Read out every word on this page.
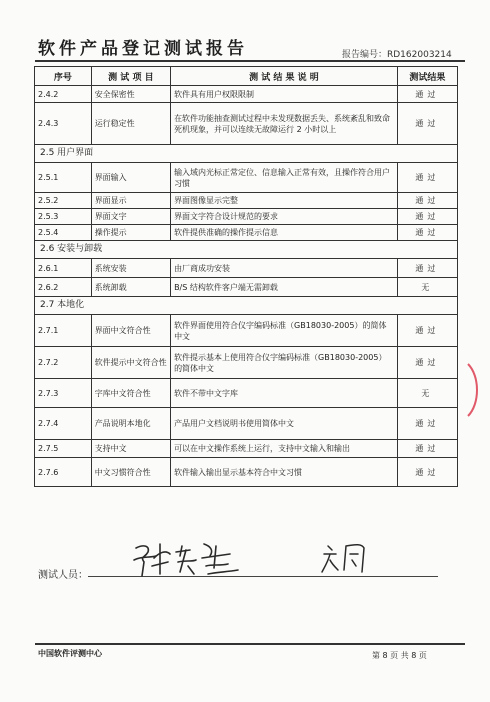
软件产品登记测试报告	报告编号：RD162003214
序号	测 试 项 目	测 试 结 果 说 明	测试结果
2.4.2	安全保密性	软件具有用户权限限制	通过
2.4.3	运行稳定性	在软件功能抽查测试过程中未发现数据丢失、系统紊乱和致命死机现象，并可以连续无故障运行 2 小时以上	通过
2.5 用户界面			
2.5.1	界面输入	输入域内光标正常定位、信息输入正常有效，且操作符合用户习惯	通过
2.5.2	界面显示	界面图像显示完整	通过
2.5.3	界面文字	界面文字符合设计规范的要求	通过
2.5.4	操作提示	软件提供准确的操作提示信息	通过
2.6 安装与卸载			
2.6.1	系统安装	由厂商成功安装	通过
2.6.2	系统卸载	B/S 结构软件客户端无需卸载	无
2.7 本地化			
2.7.1	界面中文符合性	软件界面使用符合仪字编码标准（GB18030-2005）的简体中文	通过
2.7.2	软件提示中文符合性	软件提示基本上使用符合仪字编码标准（GB18030-2005）的简体中文	通过
2.7.3	字库中文符合性	软件不带中文字库	无
2.7.4	产品说明本地化	产品用户文档说明书使用简体中文	通过
2.7.5	支持中文	可以在中文操作系统上运行，支持中文输入和输出	通过
2.7.6	中文习惯符合性	软件输入输出显示基本符合中文习惯	通过
测试人员：
中国软件评测中心	第 8 页 共 8 页
